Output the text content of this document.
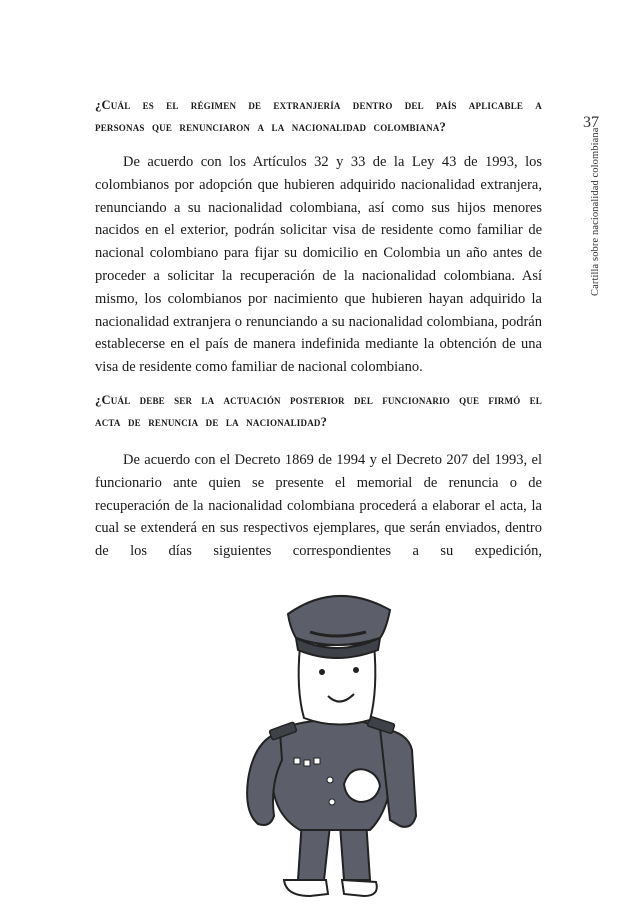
37
Cartilla sobre nacionalidad colombiana
¿Cuál es el régimen de extranjería dentro del país aplicable a personas que renunciaron a la nacionalidad colombiana?

De acuerdo con los Artículos 32 y 33 de la Ley 43 de 1993, los colombianos por adopción que hubieren adquirido nacionalidad extranjera, renunciando a su nacionalidad colombiana, así como sus hijos menores nacidos en el exterior, podrán solicitar visa de residente como familiar de nacional colombiano para fijar su domicilio en Colombia un año antes de proceder a solicitar la recuperación de la nacionalidad colombiana. Así mismo, los colombianos por nacimiento que hubieren hayan adquirido la nacionalidad extranjera o renunciando a su nacionalidad colombiana, podrán establecerse en el país de manera indefinida mediante la obtención de una visa de residente como familiar de nacional colombiano.

¿Cuál debe ser la actuación posterior del funcionario que firmó el acta de renuncia de la nacionalidad?

De acuerdo con el Decreto 1869 de 1994 y el Decreto 207 del 1993, el funcionario ante quien se presente el memorial de renuncia o de recuperación de la nacionalidad colombiana procederá a elaborar el acta, la cual se extenderá en sus respectivos ejemplares, que serán enviados, dentro de los días siguientes correspondientes a su expedición,
